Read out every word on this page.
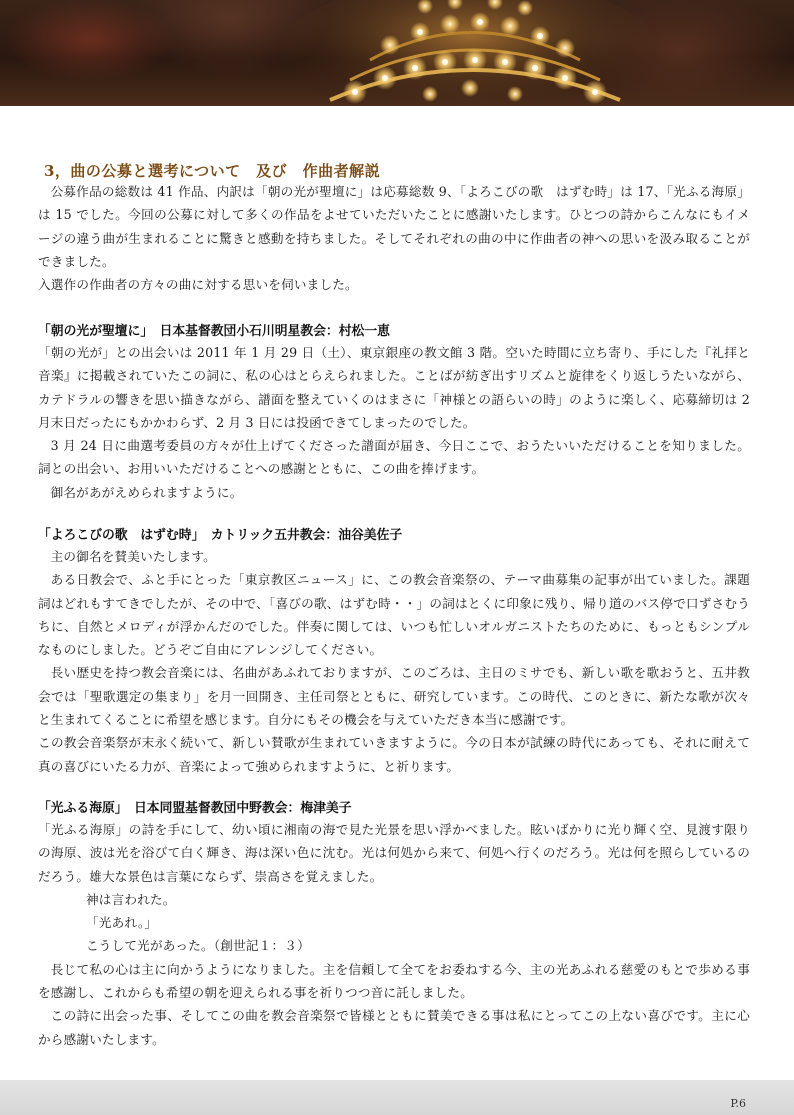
3，曲の公募と選考について　及び　作曲者解説

公募作品の総数は 41 作品、内訳は「朝の光が聖壇に」は応募総数 9、「よろこびの歌　はずむ時」は 17、「光ふる海原」は 15 でした。今回の公募に対して多くの作品をよせていただいたことに感謝いたします。ひとつの詩からこんなにもイメージの違う曲が生まれることに驚きと感動を持ちました。そしてそれぞれの曲の中に作曲者の神への思いを汲み取ることができました。

入選作の作曲者の方々の曲に対する思いを伺いました。

「朝の光が聖壇に」　日本基督教団小石川明星教会：村松一恵

「朝の光が」との出会いは 2011 年 1 月 29 日（土）、東京銀座の教文館 3 階。空いた時間に立ち寄り、手にした『礼拝と音楽』に掲載されていたこの詞に、私の心はとらえられました。ことばが紡ぎ出すリズムと旋律をくり返しうたいながら、カテドラルの響きを思い描きながら、譜面を整えていくのはまさに「神様との語らいの時」のように楽しく、応募締切は 2 月末日だったにもかかわらず、2 月 3 日には投函できてしまったのでした。

3 月 24 日に曲選考委員の方々が仕上げてくださった譜面が届き、今日ここで、おうたいいただけることを知りました。詞との出会い、お用いいただけることへの感謝とともに、この曲を捧げます。

御名があがえめられますように。

「よろこびの歌　はずむ時」　カトリック五井教会：油谷美佐子

主の御名を賛美いたします。

ある日教会で、ふと手にとった「東京教区ニュース」に、この教会音楽祭の、テーマ曲募集の記事が出ていました。課題詞はどれもすてきでしたが、その中で、「喜びの歌、はずむ時・・」の詞はとくに印象に残り、帰り道のバス停で口ずさむうちに、自然とメロディが浮かんだのでした。伴奏に関しては、いつも忙しいオルガニストたちのために、もっともシンプルなものにしました。どうぞご自由にアレンジしてください。

長い歴史を持つ教会音楽には、名曲があふれておりますが、このごろは、主日のミサでも、新しい歌を歌おうと、五井教会では「聖歌選定の集まり」を月一回開き、主任司祭とともに、研究しています。この時代、このときに、新たな歌が次々と生まれてくることに希望を感じます。自分にもその機会を与えていただき本当に感謝です。

この教会音楽祭が末永く続いて、新しい賛歌が生まれていきますように。今の日本が試練の時代にあっても、それに耐えて真の喜びにいたる力が、音楽によって強められますように、と祈ります。

「光ふる海原」　日本同盟基督教団中野教会：梅津美子

「光ふる海原」の詩を手にして、幼い頃に湘南の海で見た光景を思い浮かべました。眩いばかりに光り輝く空、見渡す限りの海原、波は光を浴びて白く輝き、海は深い色に沈む。光は何処から来て、何処へ行くのだろう。光は何を照らしているのだろう。雄大な景色は言葉にならず、崇高さを覚えました。

神は言われた。

「光あれ。」

こうして光があった。（創世記１：３）

長じて私の心は主に向かうようになりました。主を信頼して全てをお委ねする今、主の光あふれる慈愛のもとで歩める事を感謝し、これからも希望の朝を迎えられる事を祈りつつ音に託しました。

この詩に出会った事、そしてこの曲を教会音楽祭で皆様とともに賛美できる事は私にとってこの上ない喜びです。主に心から感謝いたします。

P.6
